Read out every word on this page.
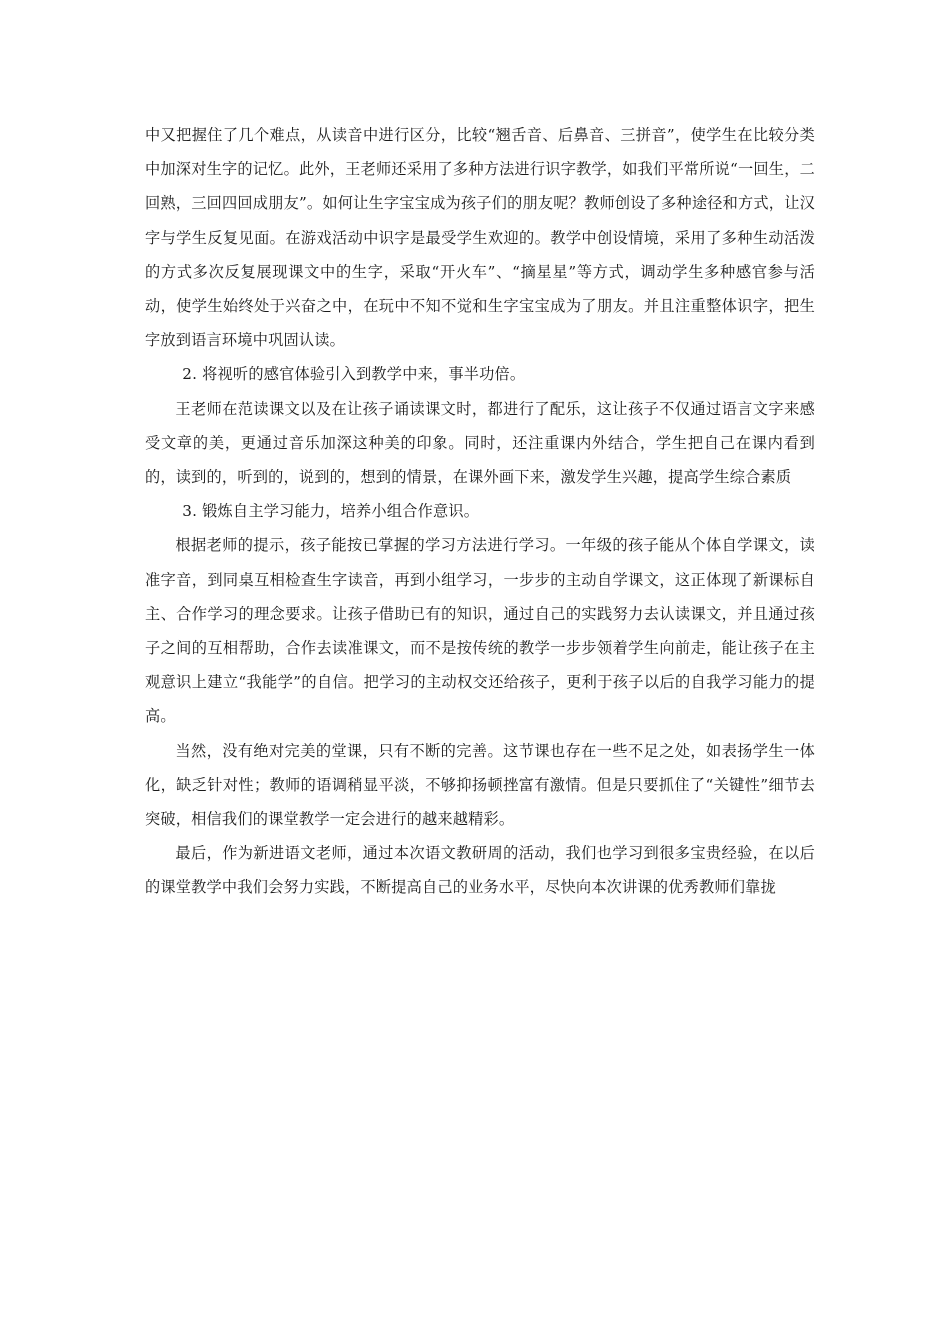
中又把握住了几个难点，从读音中进行区分，比较“翘舌音、后鼻音、三拼音”，使学生在比较分类中加深对生字的记忆。此外，王老师还采用了多种方法进行识字教学，如我们平常所说“一回生，二回熟，三回四回成朋友”。如何让生字宝宝成为孩子们的朋友呢？教师创设了多种途径和方式，让汉字与学生反复见面。在游戏活动中识字是最受学生欢迎的。教学中创设情境，采用了多种生动活泼的方式多次反复展现课文中的生字，采取“开火车”、“摘星星”等方式，调动学生多种感官参与活动，使学生始终处于兴奋之中，在玩中不知不觉和生字宝宝成为了朋友。并且注重整体识字，把生字放到语言环境中巩固认读。

2. 将视听的感官体验引入到教学中来，事半功倍。

王老师在范读课文以及在让孩子诵读课文时，都进行了配乐，这让孩子不仅通过语言文字来感受文章的美，更通过音乐加深这种美的印象。同时，还注重课内外结合，学生把自己在课内看到的，读到的，听到的，说到的，想到的情景，在课外画下来，激发学生兴趣，提高学生综合素质

3. 锻炼自主学习能力，培养小组合作意识。

根据老师的提示，孩子能按已掌握的学习方法进行学习。一年级的孩子能从个体自学课文，读准字音，到同桌互相检查生字读音，再到小组学习，一步步的主动自学课文，这正体现了新课标自主、合作学习的理念要求。让孩子借助已有的知识，通过自己的实践努力去认读课文，并且通过孩子之间的互相帮助，合作去读准课文，而不是按传统的教学一步步领着学生向前走，能让孩子在主观意识上建立“我能学”的自信。把学习的主动权交还给孩子，更利于孩子以后的自我学习能力的提高。

当然，没有绝对完美的堂课，只有不断的完善。这节课也存在一些不足之处，如表扬学生一体化，缺乏针对性；教师的语调稍显平淡，不够抑扬顿挫富有激情。但是只要抓住了“关键性”细节去突破，相信我们的课堂教学一定会进行的越来越精彩。

最后，作为新进语文老师，通过本次语文教研周的活动，我们也学习到很多宝贵经验，在以后的课堂教学中我们会努力实践，不断提高自己的业务水平，尽快向本次讲课的优秀教师们靠拢
